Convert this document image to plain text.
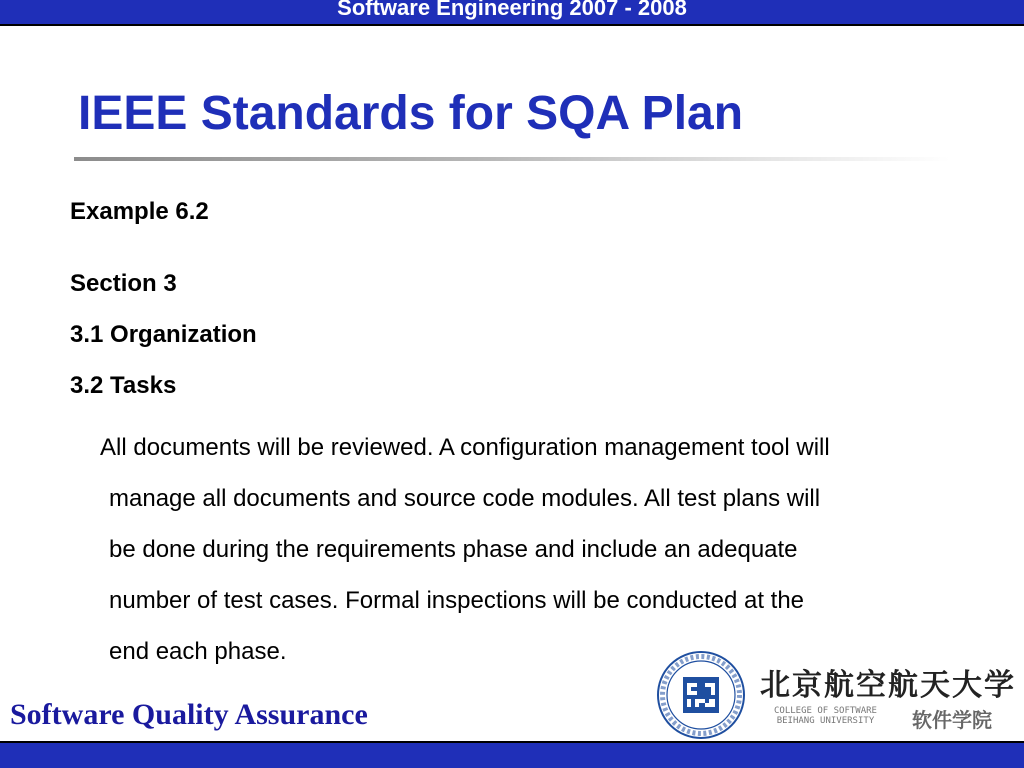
Software Engineering 2007 - 2008
IEEE Standards for SQA Plan
Example 6.2
Section 3
3.1 Organization
3.2 Tasks
All documents will be reviewed. A configuration management tool will
manage all documents and source code modules. All test plans will
be done during the requirements phase and include an adequate
number of test cases. Formal inspections will be conducted at the
end each phase.
Software Quality Assurance
北京航空航天大学
COLLEGE OF SOFTWARE
BEIHANG UNIVERSITY 软件学院
